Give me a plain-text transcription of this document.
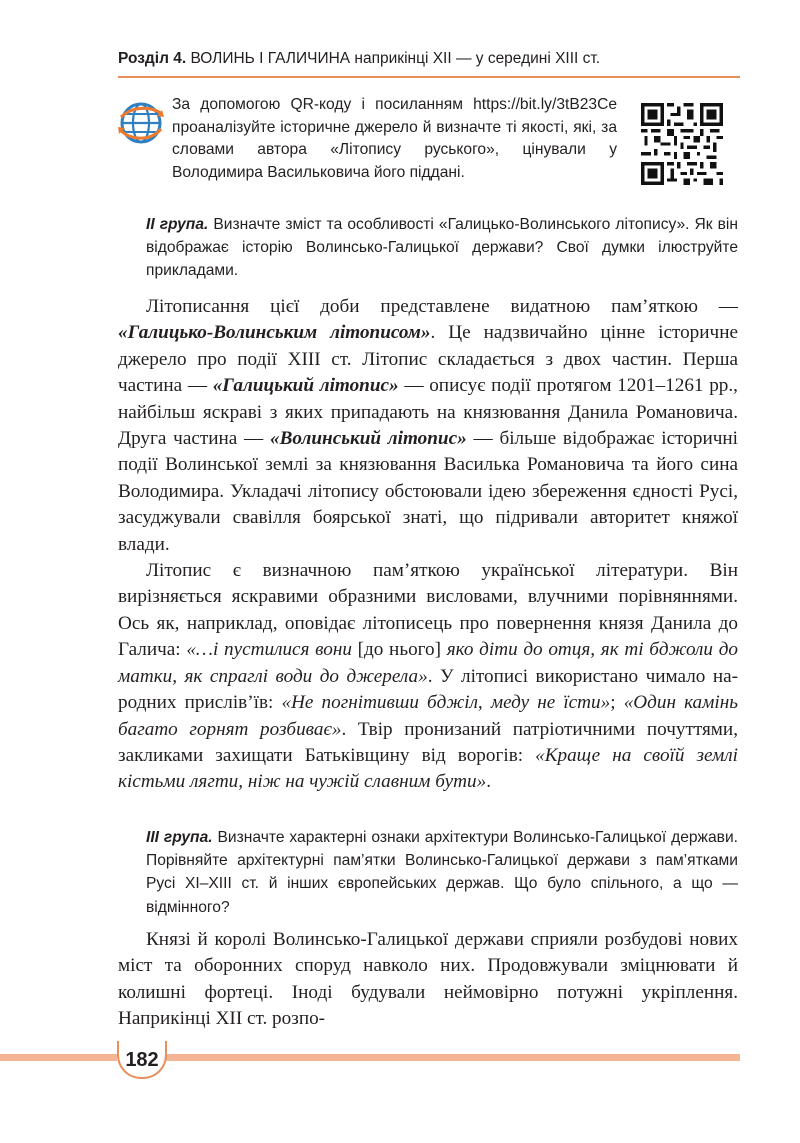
Розділ 4. ВОЛИНЬ І ГАЛИЧИНА наприкінці XII — у середині XIII ст.
За допомогою QR-коду і посиланням https://bit.ly/3tB23Ce проаналізуйте історичне джерело й визначте ті якості, які, за словами автора «Літопису руського», цінували у Володимира Васильковича його піддані.
ІІ група. Визначте зміст та особливості «Галицько-Волинського літопису». Як він відображає історію Волинсько-Галицької держави? Свої думки ілюструйте прикладами.

Літописання цієї доби представлене видатною пам’яткою — «Галицько-Волинським літописом». Це надзвичайно цінне історичне джерело про події XIII ст. Літопис складається з двох частин. Перша частина — «Галицький літопис» — описує події протягом 1201–1261 рр., найбільш яскраві з яких припадають на князювання Данила Романовича. Друга частина — «Волинський літопис» — більше відображає історичні події Волинської землі за князювання Василька Романовича та його сина Володимира. Укладачі літопису обстоювали ідею збереження єдності Русі, засуджували свавілля боярської знаті, що підривали авторитет княжої влади.

Літопис є визначною пам’яткою української літератури. Він вирізняється яскравими образними висловами, влучними порівняннями. Ось як, наприклад, оповідає літописець про повернення князя Данила до Галича: «…і пустилися вони [до нього] яко діти до отця, як ті бджоли до матки, як спраглі води до джерела». У літописі використано чимало народних прислів’їв: «Не погнітивши бджіл, меду не їсти»; «Один камінь багато горнят розбиває». Твір пронизаний патріотичними почуттями, закликами захищати Батьківщину від ворогів: «Краще на своїй землі кістьми лягти, ніж на чужій славним бути».

ІІІ група. Визначте характерні ознаки архітектури Волинсько-Галицької держави. Порівняйте архітектурні пам’ятки Волинсько-Галицької держави з пам’ятками Русі XI–XIII ст. й інших європейських держав. Що було спільного, а що — відмінного?

Князі й королі Волинсько-Галицької держави сприяли розбудові нових міст та оборонних споруд навколо них. Продовжували зміцнювати й колишні фортеці. Іноді будували неймовірно потужні укріплення. Наприкінці XII ст. розпо-

182
